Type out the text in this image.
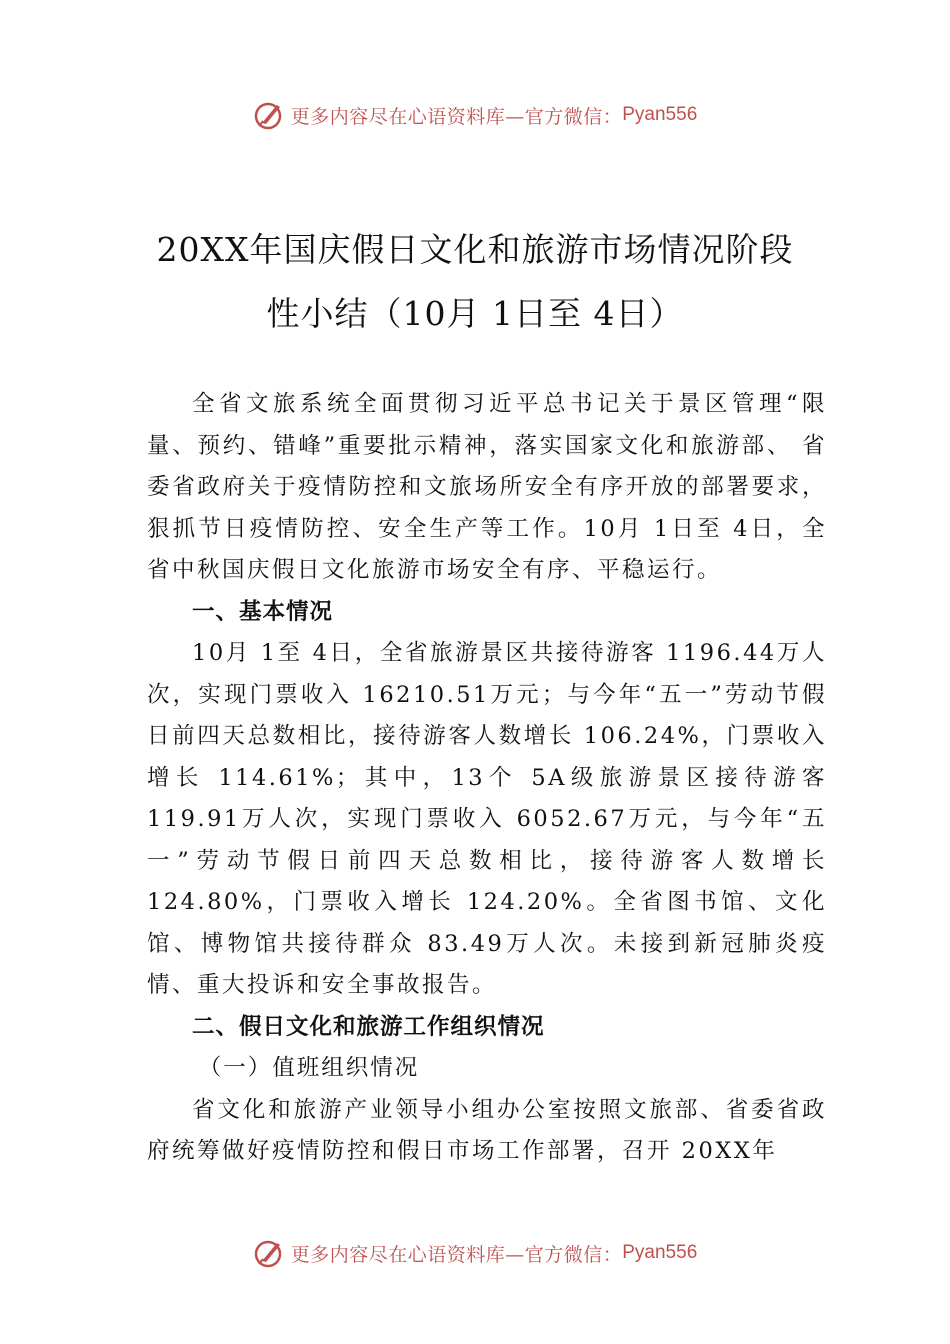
更多内容尽在心语资料库—官方微信： Pyan556
20XX年国庆假日文化和旅游市场情况阶段
性小结（10月 1日至 4日）

全省文旅系统全面贯彻习近平总书记关于景区管理“限量、预约、错峰”重要批示精神，落实国家文化和旅游部、 省委省政府关于疫情防控和文旅场所安全有序开放的部署要求，狠抓节日疫情防控、安全生产等工作。10月 1日至 4日，全省中秋国庆假日文化旅游市场安全有序、平稳运行。

一、基本情况

10月 1至 4日，全省旅游景区共接待游客 1196.44万人次，实现门票收入 16210.51万元；与今年“五一”劳动节假日前四天总数相比，接待游客人数增长 106.24%，门票收入增长 114.61%；其中，13个 5A级旅游景区接待游客 119.91万人次，实现门票收入 6052.67万元，与今年“五一”劳动节假日前四天总数相比，接待游客人数增长 124.80%，门票收入增长 124.20%。全省图书馆、文化馆、博物馆共接待群众 83.49万人次。未接到新冠肺炎疫情、重大投诉和安全事故报告。

二、假日文化和旅游工作组织情况
（一）值班组织情况

省文化和旅游产业领导小组办公室按照文旅部、省委省政府统筹做好疫情防控和假日市场工作部署，召开 20XX年

更多内容尽在心语资料库—官方微信： Pyan556
